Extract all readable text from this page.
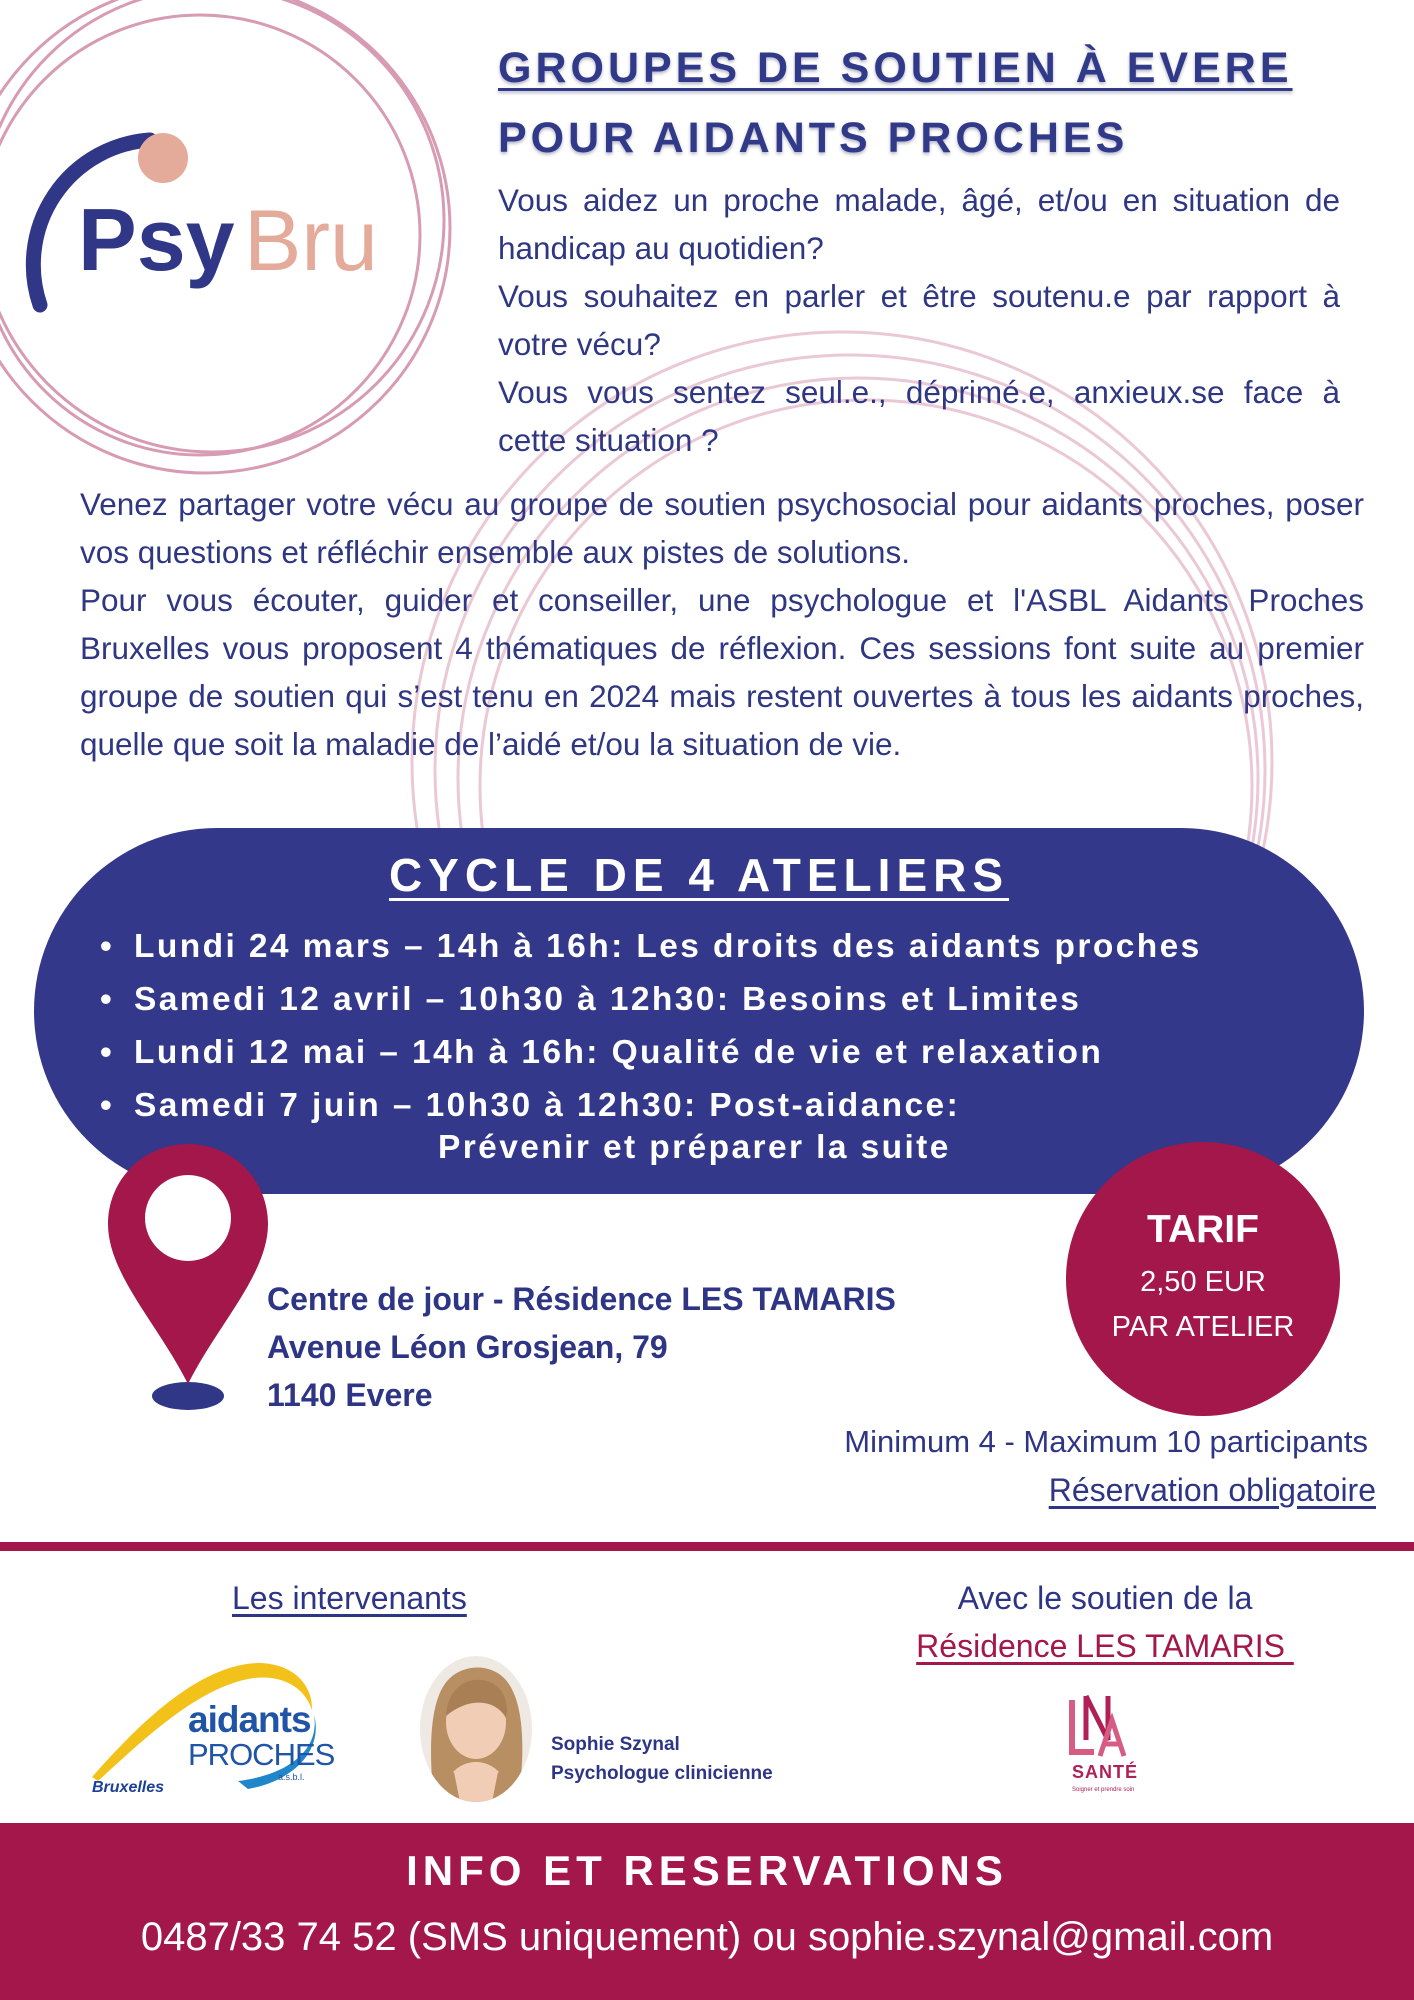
Psy Bru
GROUPES DE SOUTIEN À EVERE
POUR AIDANTS PROCHES

Vous aidez un proche malade, âgé, et/ou en situation de handicap au quotidien?

Vous souhaitez en parler et être soutenu.e par rapport à votre vécu?

Vous vous sentez seul.e., déprimé.e, anxieux.se face à cette situation ?

Venez partager votre vécu au groupe de soutien psychosocial pour aidants proches, poser vos questions et réfléchir ensemble aux pistes de solutions.

Pour vous écouter, guider et conseiller, une psychologue et l'ASBL Aidants Proches Bruxelles vous proposent 4 thématiques de réflexion. Ces sessions font suite au premier groupe de soutien qui s’est tenu en 2024 mais restent ouvertes à tous les aidants proches, quelle que soit la maladie de l’aidé et/ou la situation de vie.

CYCLE DE 4 ATELIERS
• Lundi 24 mars – 14h à 16h: Les droits des aidants proches
• Samedi 12 avril – 10h30 à 12h30: Besoins et Limites
• Lundi 12 mai – 14h à 16h: Qualité de vie et relaxation
• Samedi 7 juin – 10h30 à 12h30: Post-aidance:
Prévenir et préparer la suite
Centre de jour - Résidence LES TAMARIS
Avenue Léon Grosjean, 79
1140 Evere
TARIF
2,50 EUR
PAR ATELIER
Minimum 4 - Maximum 10 participants
Réservation obligatoire
Les intervenants
aidants
PROCHES
a.s.b.l.
Bruxelles
Sophie Szynal
Psychologue clinicienne
Avec le soutien de la
Résidence LES TAMARIS
SANTÉ
Soigner et prendre soin
INFO ET RESERVATIONS
0487/33 74 52 (SMS uniquement) ou sophie.szynal@gmail.com
